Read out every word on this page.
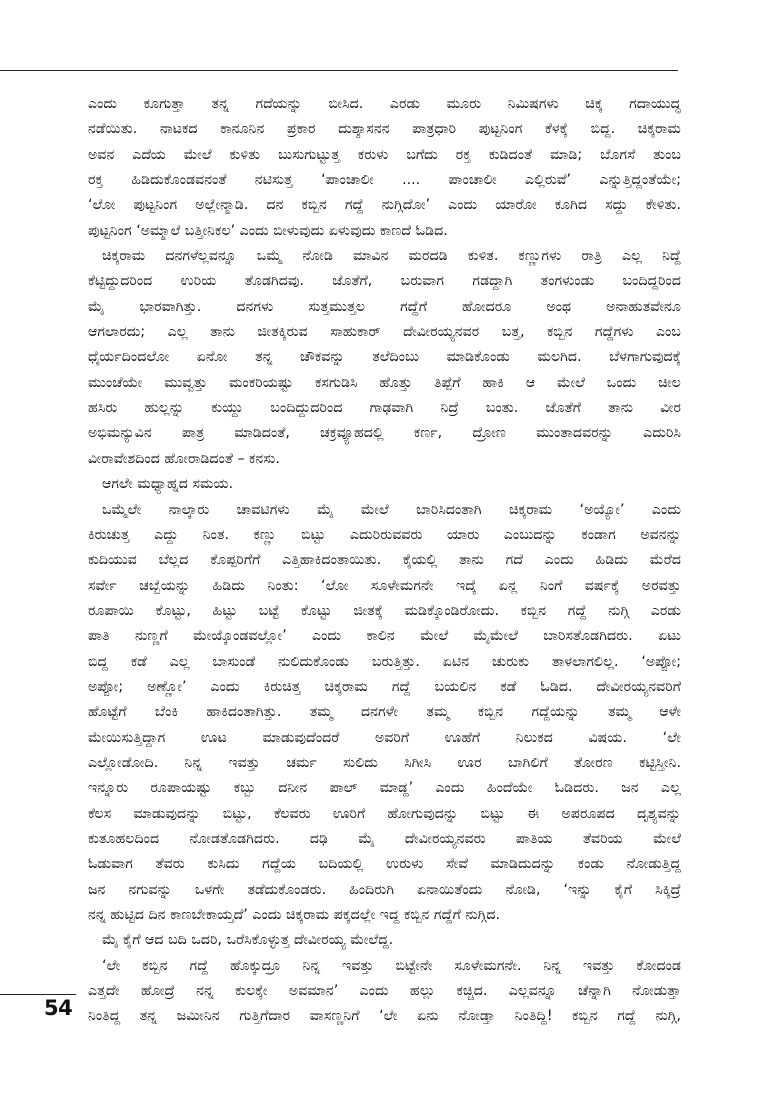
ಎಂದು ಕೂಗುತ್ತಾ ತನ್ನ ಗದೆಯನ್ನು ಬೀಸಿದ. ಎರಡು ಮೂರು ನಿಮಿಷಗಳು ಚಿಕ್ಕ ಗದಾಯುದ್ಧ
ನಡೆಯಿತು. ನಾಟಕದ ಕಾನೂನಿನ ಪ್ರಕಾರ ದುಶ್ಶಾಸನನ ಪಾತ್ರಧಾರಿ ಪುಟ್ಟನಿಂಗ ಕೆಳಕ್ಕೆ ಬಿದ್ದ. ಚಿಕ್ಕರಾಮ
ಅವನ ಎದೆಯ ಮೇಲೆ ಕುಳಿತು ಬುಸುಗುಟ್ಟುತ್ತ ಕರುಳು ಬಗೆದು ರಕ್ತ ಕುಡಿದಂತೆ ಮಾಡಿ; ಬೊಗಸೆ ತುಂಬ
ರಕ್ತ ಹಿಡಿದುಕೊಂಡವನಂತೆ ನಟಿಸುತ್ತ ‘ಪಾಂಚಾಲೀ .... ಪಾಂಚಾಲೀ ಎಲ್ಲಿರುವೆ’ ಎನ್ನುತ್ತಿದ್ದಂತೆಯೇ;
‘ಲೋ ಪುಟ್ಟನಿಂಗ ಅಲ್ಲೇನ್ಮಾಡಿ. ದನ ಕಬ್ಬಿನ ಗದ್ದೆ ನುಗ್ಗಿದೋ’ ಎಂದು ಯಾರೋ ಕೂಗಿದ ಸದ್ದು ಕೇಳಿತು.
ಪುಟ್ಟನಿಂಗ ‘ಅಮ್ಮಾಲೆ ಬತ್ತೀನಿಕಲ’ ಎಂದು ಬೀಳುವುದು ಏಳುವುದು ಕಾಣದೆ ಓಡಿದ.
ಚಿಕ್ಕರಾಮ ದನಗಳೆಲ್ಲವನ್ನೂ ಒಮ್ಮೆ ನೋಡಿ ಮಾವಿನ ಮರದಡಿ ಕುಳಿತ. ಕಣ್ಣುಗಳು ರಾತ್ರಿ ಎಲ್ಲ ನಿದ್ದೆ
ಕೆಟ್ಟಿದ್ದುದರಿಂದ ಉರಿಯ ತೊಡಗಿದವು. ಜೊತೆಗೆ, ಬರುವಾಗ ಗಡದ್ದಾಗಿ ತಂಗಳುಂಡು ಬಂದಿದ್ದರಿಂದ
ಮೈ ಭಾರವಾಗಿತ್ತು. ದನಗಳು ಸುತ್ತಮುತ್ತಲ ಗದ್ದೆಗೆ ಹೋದರೂ ಅಂಥ ಅನಾಹುತವೇನೂ
ಆಗಲಾರದು; ಎಲ್ಲ ತಾನು ಜೀತಕ್ಕಿರುವ ಸಾಹುಕಾರ್ ದೇವೀರಯ್ಯನವರ ಬತ್ತ, ಕಬ್ಬಿನ ಗದ್ದೆಗಳು ಎಂಬ
ಧೈರ್ಯದಿಂದಲೋ ಏನೋ ತನ್ನ ಚೌಕವನ್ನು ತಲೆದಿಂಬು ಮಾಡಿಕೊಂಡು ಮಲಗಿದ. ಬೆಳಗಾಗುವುದಕ್ಕೆ
ಮುಂಚೆಯೇ ಮುವ್ವತ್ತು ಮಂಕರಿಯಷ್ಟು ಕಸಗುಡಿಸಿ ಹೊತ್ತು ತಿಪ್ಪೆಗೆ ಹಾಕಿ ಆ ಮೇಲೆ ಒಂದು ಚೀಲ
ಹಸಿರು ಹುಲ್ಲನ್ನು ಕುಯ್ದು ಬಂದಿದ್ದುದರಿಂದ ಗಾಢವಾಗಿ ನಿದ್ರೆ ಬಂತು. ಜೊತೆಗೆ ತಾನು ವೀರ
ಅಭಿಮನ್ಯುವಿನ ಪಾತ್ರ ಮಾಡಿದಂತೆ, ಚಕ್ರವ್ಯೂಹದಲ್ಲಿ ಕರ್ಣ, ದ್ರೋಣ ಮುಂತಾದವರನ್ನು ಎದುರಿಸಿ
ವೀರಾವೇಶದಿಂದ ಹೋರಾಡಿದಂತೆ – ಕನಸು.
ಆಗಲೇ ಮಧ್ಯಾಹ್ನದ ಸಮಯ.
ಒಮ್ಮೆಲೇ ನಾಲ್ಕಾರು ಚಾವಟಿಗಳು ಮೈ ಮೇಲೆ ಬಾರಿಸಿದಂತಾಗಿ ಚಿಕ್ಕರಾಮ ‘ಅಯ್ಯೋ’ ಎಂದು
ಕಿರುಚುತ್ತ ಎದ್ದು ನಿಂತ. ಕಣ್ಣು ಬಿಟ್ಟು ಎದುರಿರುವವರು ಯಾರು ಎಂಬುದನ್ನು ಕಂಡಾಗ ಅವನನ್ನು
ಕುದಿಯುವ ಬೆಲ್ಲದ ಕೊಪ್ಪರಿಗೆಗೆ ಎತ್ತಿಹಾಕಿದಂತಾಯಿತು. ಕೈಯಲ್ಲಿ ತಾನು ಗದೆ ಎಂದು ಹಿಡಿದು ಮೆರೆದ
ಸರ್ವೇ ಚಬ್ಬೆಯನ್ನು ಹಿಡಿದು ನಿಂತು: ‘ಲೋ ಸೂಳೇಮಗನೇ ಇದ್ಕೆ ಏನ್ಲ ನಿಂಗೆ ವರ್ಷಕ್ಕೆ ಅರವತ್ತು
ರೂಪಾಯಿ ಕೊಟ್ಟು, ಹಿಟ್ಟು ಬಟ್ಟೆ ಕೊಟ್ಟು ಜೀತಕ್ಕೆ ಮಡಿಕ್ಕೊಂಡಿರೋದು. ಕಬ್ಬಿನ ಗದ್ದೆ ನುಗ್ಗಿ ಎರಡು
ಪಾತಿ ನುಣ್ಣಗೆ ಮೇಯ್ಕೊಂಡವಲ್ಲೋ’ ಎಂದು ಕಾಲಿನ ಮೇಲೆ ಮೈಮೇಲೆ ಬಾರಿಸತೊಡಗಿದರು. ಏಟು
ಬಿದ್ದ ಕಡೆ ಎಲ್ಲ ಬಾಸುಂಡೆ ನುಲಿದುಕೊಂಡು ಬರುತ್ತಿತ್ತು. ಏಟಿನ ಚುರುಕು ತಾಳಲಾಗಲಿಲ್ಲ. ‘ಅಪ್ಪೋ;
ಅಪ್ಪೋ; ಅಣ್ಣೋ’ ಎಂದು ಕಿರುಚಿತ್ತ ಚಿಕ್ಕರಾಮ ಗದ್ದೆ ಬಯಲಿನ ಕಡೆ ಓಡಿದ. ದೇವೀರಯ್ಯನವರಿಗೆ
ಹೊಟ್ಟೆಗೆ ಬೆಂಕಿ ಹಾಕಿದಂತಾಗಿತ್ತು. ತಮ್ಮ ದನಗಳೇ ತಮ್ಮ ಕಬ್ಬಿನ ಗದ್ದೆಯನ್ನು ತಮ್ಮ ಆಳೇ
ಮೇಯಿಸುತ್ತಿದ್ದಾಗ ಊಟ ಮಾಡುವುದೆಂದರೆ ಅವರಿಗೆ ಊಹೆಗೆ ನಿಲುಕದ ವಿಷಯ. ‘ಲೇ
ಎಲ್ಲೋಡೋದಿ. ನಿನ್ನ ಇವತ್ತು ಚರ್ಮ ಸುಲಿದು ಸಿಗೀಸಿ ಊರ ಬಾಗಿಲಿಗೆ ತೋರಣ ಕಟ್ಟಿಸ್ತೀನಿ.
ಇನ್ನೂರು ರೂಪಾಯಷ್ಟು ಕಬ್ಬು ದನೀನ ಪಾಲ್ ಮಾಡ್ದ’ ಎಂದು ಹಿಂದೆಯೇ ಓಡಿದರು. ಜನ ಎಲ್ಲ
ಕೆಲಸ ಮಾಡುವುದನ್ನು ಬಿಟ್ಟು, ಕೆಲವರು ಊರಿಗೆ ಹೋಗುವುದನ್ನು ಬಿಟ್ಟು ಈ ಅಪರೂಪದ ದೃಶ್ಯವನ್ನು
ಕುತೂಹಲದಿಂದ ನೋಡತೊಡಗಿದರು. ದಢಿ ಮೈ ದೇವೀರಯ್ಯನವರು ಪಾತಿಯ ತೆವರಿಯ ಮೇಲೆ
ಓಡುವಾಗ ತೆವರು ಕುಸಿದು ಗದ್ದೆಯ ಬದಿಯಲ್ಲಿ ಉರುಳು ಸೇವೆ ಮಾಡಿದುದನ್ನು ಕಂಡು ನೋಡುತ್ತಿದ್ದ
ಜನ ನಗುವನ್ನು ಒಳಗೇ ತಡೆದುಕೊಂಡರು. ಹಿಂದಿರುಗಿ ಏನಾಯಿತೆಂದು ನೋಡಿ, ‘ಇನ್ನು ಕೈಗೆ ಸಿಕ್ಕಿದ್ರೆ
ನನ್ನ ಹುಟ್ಟಿದ ದಿನ ಕಾಣಬೇಕಾಯ್ತದೆ’ ಎಂದು ಚಿಕ್ಕರಾಮ ಪಕ್ಕದಲ್ಲೇ ಇದ್ದ ಕಬ್ಬಿನ ಗದ್ದೆಗೆ ನುಗ್ಗಿದ.
ಮೈ ಕೈಗೆ ಆದ ಬದಿ ಒದರಿ, ಒರೆಸಿಕೊಳ್ಳುತ್ತ ದೇವೀರಯ್ಯ ಮೇಲೆದ್ದ.
‘ಲೇ ಕಬ್ಬಿನ ಗದ್ದೆ ಹೊಕ್ಕುದ್ರೂ ನಿನ್ನ ಇವತ್ತು ಬಿಟ್ಟೇನೇ ಸೂಳೇಮಗನೇ. ನಿನ್ನ ಇವತ್ತು ಕೋದಂಡ
ಎತ್ತದೇ ಹೋದ್ರೆ ನನ್ನ ಕುಲಕ್ಕೇ ಅವಮಾನ’ ಎಂದು ಹಲ್ಲು ಕಚ್ಚಿದ. ಎಲ್ಲವನ್ನೂ ಚೆನ್ನಾಗಿ ನೋಡುತ್ತಾ
ನಿಂತಿದ್ದ ತನ್ನ ಜಮೀನಿನ ಗುತ್ತಿಗೆದಾರ ವಾಸಣ್ಣನಿಗೆ ‘ಲೇ ಏನು ನೋಡ್ತಾ ನಿಂತಿದ್ದಿ! ಕಬ್ಬಿನ ಗದ್ದೆ ನುಗ್ಗಿ,
54
